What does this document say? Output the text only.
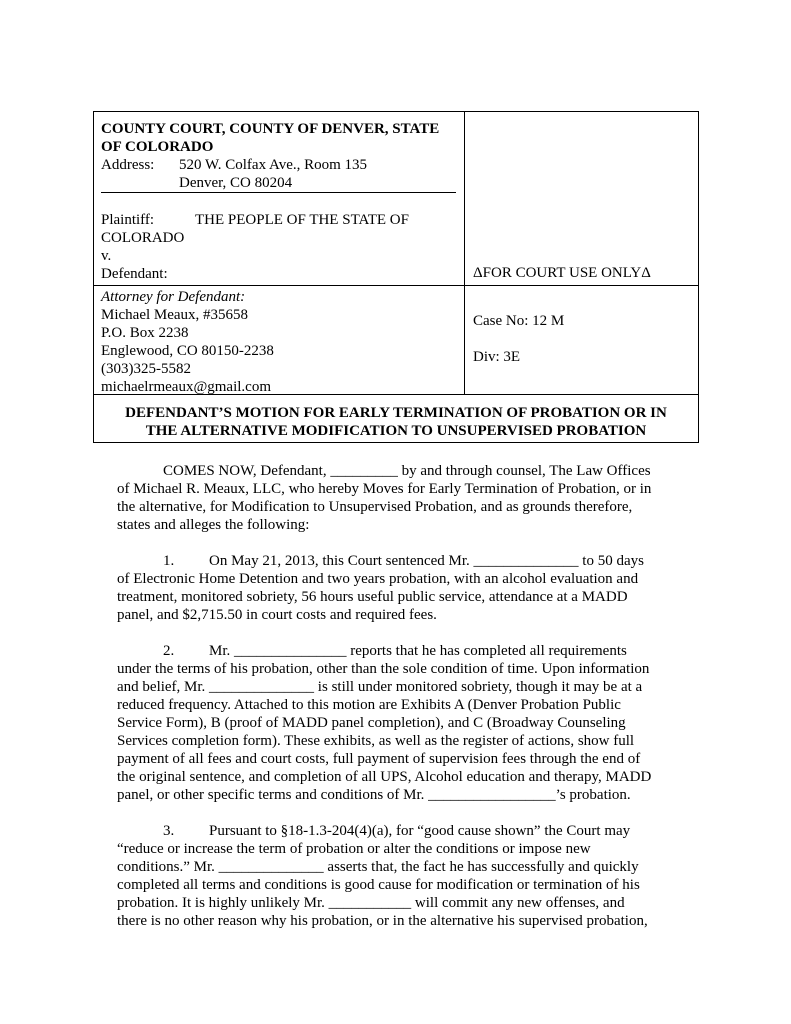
COUNTY COURT, COUNTY OF DENVER, STATE
OF COLORADO
Address: 520 W. Colfax Ave., Room 135
Denver, CO 80204
Plaintiff:	THE PEOPLE OF THE STATE OF
COLORADO
v.
Defendant:	ΔFOR COURT USE ONLYΔ
Attorney for Defendant:
Michael Meaux, #35658
P.O. Box 2238
Englewood, CO 80150-2238
(303)325-5582
michaelrmeaux@gmail.com
Case No: 12 M
Div: 3E
DEFENDANT’S MOTION FOR EARLY TERMINATION OF PROBATION OR IN
THE ALTERNATIVE MODIFICATION TO UNSUPERVISED PROBATION
COMES NOW, Defendant, _________ by and through counsel, The Law Offices
of Michael R. Meaux, LLC, who hereby Moves for Early Termination of Probation, or in
the alternative, for Modification to Unsupervised Probation, and as grounds therefore,
states and alleges the following:
1. On May 21, 2013, this Court sentenced Mr. ______________ to 50 days
of Electronic Home Detention and two years probation, with an alcohol evaluation and
treatment, monitored sobriety, 56 hours useful public service, attendance at a MADD
panel, and $2,715.50 in court costs and required fees.
2. Mr. _______________ reports that he has completed all requirements
under the terms of his probation, other than the sole condition of time. Upon information
and belief, Mr. ______________ is still under monitored sobriety, though it may be at a
reduced frequency. Attached to this motion are Exhibits A (Denver Probation Public
Service Form), B (proof of MADD panel completion), and C (Broadway Counseling
Services completion form). These exhibits, as well as the register of actions, show full
payment of all fees and court costs, full payment of supervision fees through the end of
the original sentence, and completion of all UPS, Alcohol education and therapy, MADD
panel, or other specific terms and conditions of Mr. _________________’s probation.
3. Pursuant to §18-1.3-204(4)(a), for “good cause shown” the Court may
“reduce or increase the term of probation or alter the conditions or impose new
conditions.” Mr. ______________ asserts that, the fact he has successfully and quickly
completed all terms and conditions is good cause for modification or termination of his
probation. It is highly unlikely Mr. ___________ will commit any new offenses, and
there is no other reason why his probation, or in the alternative his supervised probation,
